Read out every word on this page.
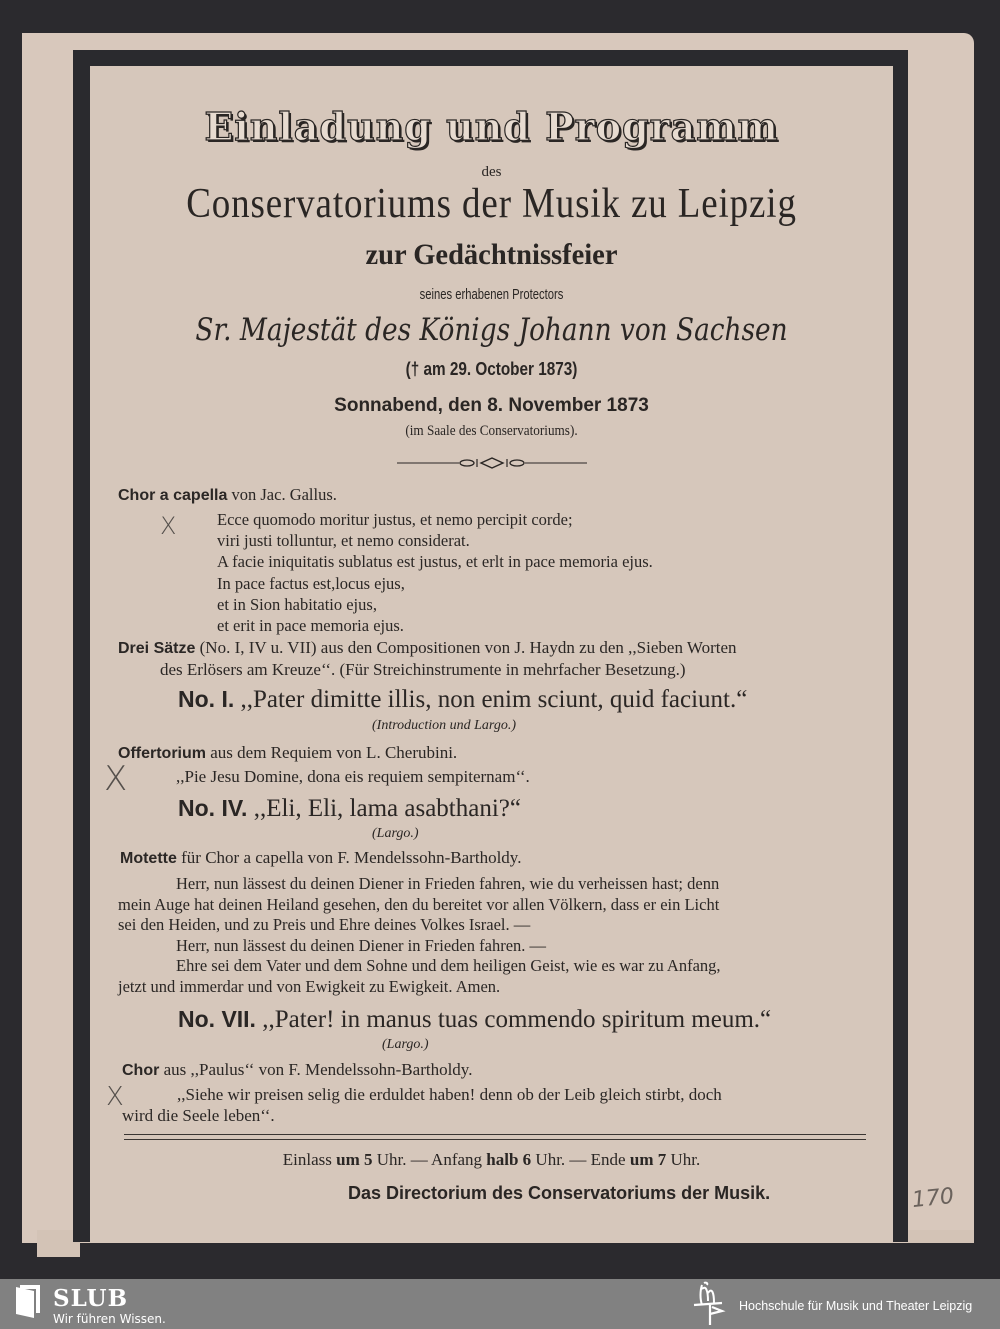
Einladung und Programm
des
Conservatoriums der Musik zu Leipzig
zur Gedächtnissfeier
seines erhabenen Protectors
Sr. Majestät des Königs Johann von Sachsen
(† am 29. October 1873)
Sonnabend, den 8. November 1873
(im Saale des Conservatoriums).
Chor a capella von Jac. Gallus.
Ecce quomodo moritur justus, et nemo percipit corde;
viri justi tolluntur, et nemo considerat.
A facie iniquitatis sublatus est justus, et erlt in pace memoria ejus.
In pace factus est,locus ejus,
et in Sion habitatio ejus,
et erit in pace memoria ejus.
X
Drei Sätze (No. I, IV u. VII) aus den Compositionen von J. Haydn zu den ,,Sieben Worten
des Erlösers am Kreuze‘‘. (Für Streichinstrumente in mehrfacher Besetzung.)
No. I. ,,Pater dimitte illis, non enim sciunt, quid faciunt.“
(Introduction und Largo.)
Offertorium aus dem Requiem von L. Cherubini.
,,Pie Jesu Domine, dona eis requiem sempiternam‘‘.
X
No. IV. ,,Eli, Eli, lama asabthani?“
(Largo.)
Motette für Chor a capella von F. Mendelssohn-Bartholdy.
Herr, nun lässest du deinen Diener in Frieden fahren, wie du verheissen hast; denn
mein Auge hat deinen Heiland gesehen, den du bereitet vor allen Völkern, dass er ein Licht
sei den Heiden, und zu Preis und Ehre deines Volkes Israel. —
Herr, nun lässest du deinen Diener in Frieden fahren. —
Ehre sei dem Vater und dem Sohne und dem heiligen Geist, wie es war zu Anfang,
jetzt und immerdar und von Ewigkeit zu Ewigkeit. Amen.
No. VII. ,,Pater! in manus tuas commendo spiritum meum.“
(Largo.)
Chor aus ,,Paulus‘‘ von F. Mendelssohn-Bartholdy.
,,Siehe wir preisen selig die erduldet haben! denn ob der Leib gleich stirbt, doch
wird die Seele leben‘‘.
X
Einlass um 5 Uhr. — Anfang halb 6 Uhr. — Ende um 7 Uhr.
Das Directorium des Conservatoriums der Musik.	170
SLUB
Wir führen Wissen.
Hochschule für Musik und Theater Leipzig
